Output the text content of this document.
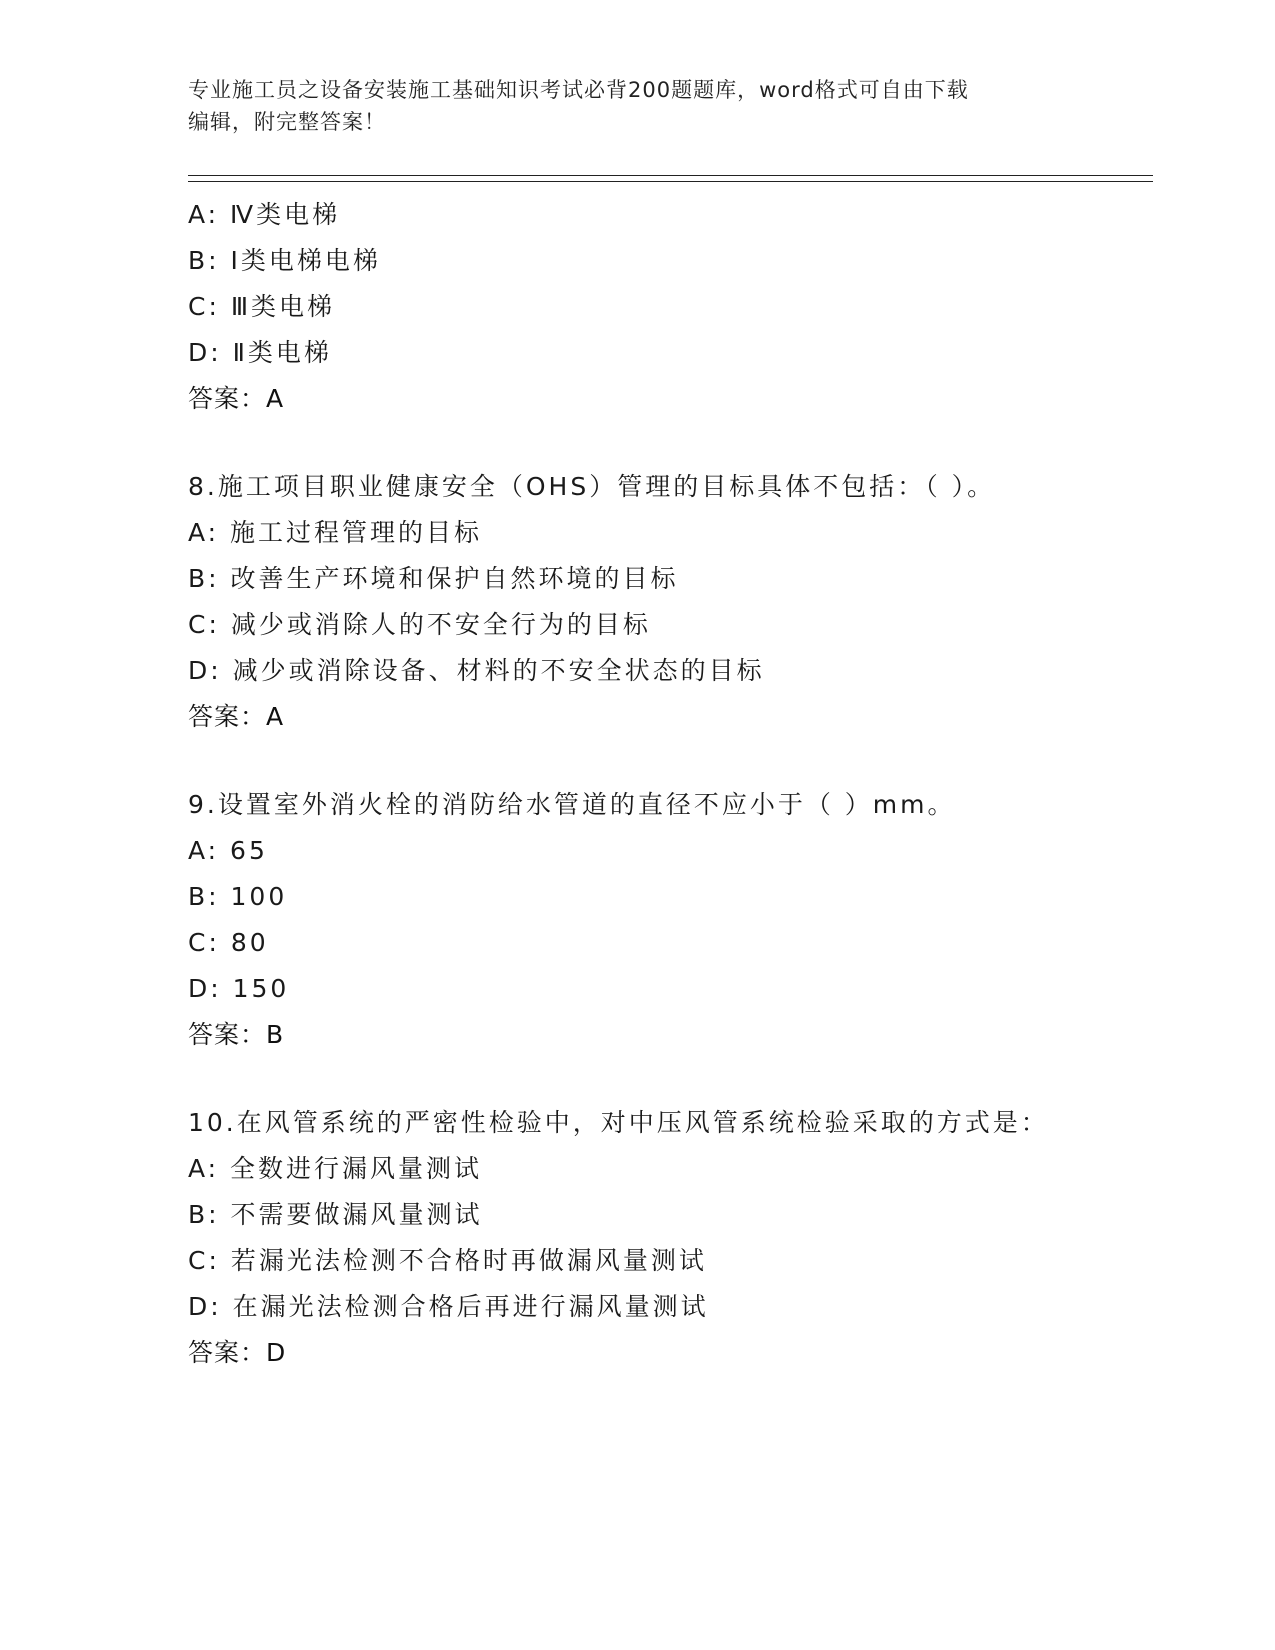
专业施工员之设备安装施工基础知识考试必背200题题库，word格式可自由下载
编辑，附完整答案！
A: Ⅳ类电梯
B: Ⅰ类电梯电梯
C: Ⅲ类电梯
D: Ⅱ类电梯
答案：A
8.施工项目职业健康安全（OHS）管理的目标具体不包括：（ ）。
A: 施工过程管理的目标
B: 改善生产环境和保护自然环境的目标
C: 减少或消除人的不安全行为的目标
D: 减少或消除设备、材料的不安全状态的目标
答案：A
9.设置室外消火栓的消防给水管道的直径不应小于（ ）mm。
A: 65
B: 100
C: 80
D: 150
答案：B
10.在风管系统的严密性检验中，对中压风管系统检验采取的方式是：
A: 全数进行漏风量测试
B: 不需要做漏风量测试
C: 若漏光法检测不合格时再做漏风量测试
D: 在漏光法检测合格后再进行漏风量测试
答案：D
